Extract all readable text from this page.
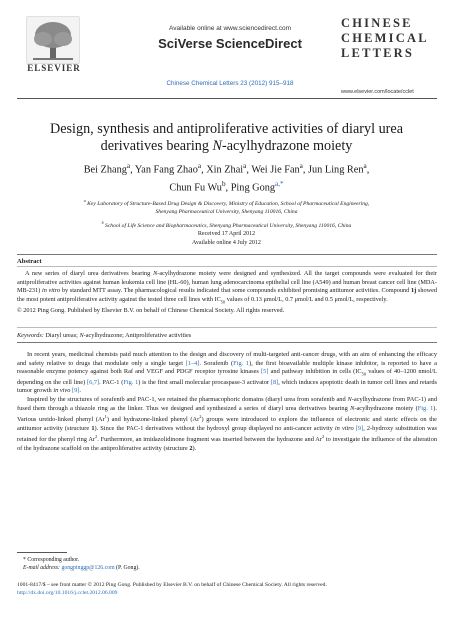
ELSEVIER
Available online at www.sciencedirect.com
SciVerse ScienceDirect
Chinese Chemical Letters 23 (2012) 915–918
CHINESE
CHEMICAL
LETTERS
www.elsevier.com/locate/cclet
Design, synthesis and antiproliferative activities of diaryl urea
derivatives bearing N-acylhydrazone moiety
Bei Zhang$^a$, Yan Fang Zhao$^a$, Xin Zhai$^a$, Wei Jie Fan$^a$, Jun Ling Ren$^a$,
Chun Fu Wu$^b$, Ping Gong$^{a,*}$
$^a$ Key Laboratory of Structure-Based Drug Design & Discovery, Ministry of Education, School of Pharmaceutical Engineering,
Shenyang Pharmaceutical University, Shenyang 110016, China
$^b$ School of Life Science and Biopharmaceutics, Shenyang Pharmaceutical University, Shenyang 110016, China
Received 17 April 2012
Available online 4 July 2012
Abstract
A new series of diaryl urea derivatives bearing N-acylhydrazone moiety were designed and synthesized. All the target compounds were evaluated for their antiproliferative activities against human leukemia cell line (HL-60), human lung adenocarcinoma epithelial cell line (A549) and human breast cancer cell line (MDA-MB-231) in vitro by standard MTT assay. The pharmacological results indicated that some compounds exhibited promising antitumor activities. Compound 1j showed the most potent antiproliferative activity against the tested three cell lines with $IC_{50}$ values of 0.13 μmol/L, 0.7 μmol/L and 0.5 μmol/L, respectively.
© 2012 Ping Gong. Published by Elsevier B.V. on behalf of Chinese Chemical Society. All rights reserved.
Keywords: Diaryl ureas; N-acylhydrazone; Antiproliferative activities

In recent years, medicinal chemists paid much attention to the design and discovery of multi-targeted anti-cancer drugs, with an aim of enhancing the efficacy and safety relative to drugs that modulate only a single target [1–4]. Sorafenib (Fig. 1), the first bioavailable multiple kinase inhibitor, is reported to have a reasonable enzyme potency against both Raf and VEGF and PDGF receptor tyrosine kinases [5] and pathway inhibition in cells ($IC_{50}$ values of 40–1200 nmol/L depending on the cell line) [6,7]. PAC-1 (Fig. 1) is the first small molecular procaspase-3 activator [8], which induces apoptotic death in tumor cell lines and retards tumor growth in vivo [9].

Inspired by the structures of sorafenib and PAC-1, we retained the pharmacophoric domains (diaryl urea from sorafenib and N-acylhydrazone from PAC-1) and fused them through a thiazole ring as the linker. Thus we designed and synthesized a series of diaryl urea derivatives bearing N-acylhydrazone moiety (Fig. 1). Various ureido-linked phenyl (Ar$^1$) and hydrazone-linked phenyl (Ar$^2$) groups were introduced to explore the influence of electronic and steric effects on the antitumor activity (structure 1). Since the PAC-1 derivatives without the hydroxyl group displayed no anti-cancer activity in vitro [9], 2-hydroxy substitution was retained for the phenyl ring Ar$^2$. Furthermore, an imidazolidinone fragment was inserted between the hydrazone and Ar$^2$ to investigate the influence of the alteration of the hydrazone scaffold on the antiproliferative activity (structure 2).

* Corresponding author.
E-mail address: gongpinggp@126.com (P. Gong).
1001-8417/$ – see front matter © 2012 Ping Gong. Published by Elsevier B.V. on behalf of Chinese Chemical Society. All rights reserved.
http://dx.doi.org/10.1016/j.cclet.2012.06.009
